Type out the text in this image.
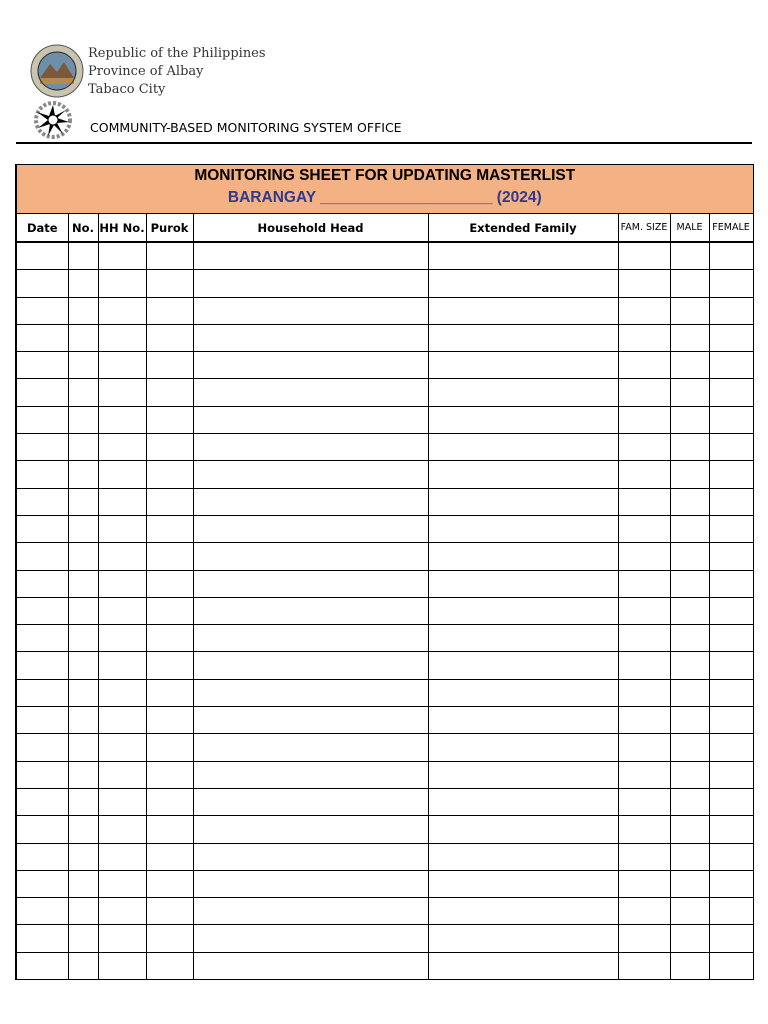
Republic of the Philippines
Province of Albay
Tabaco City
COMMUNITY-BASED MONITORING SYSTEM OFFICE
MONITORING SHEET FOR UPDATING MASTERLIST
BARANGAY ____________________ (2024)								

Date	No.	HH No.	Purok	Household Head	Extended Family	FAM. SIZE	MALE	FEMALE
